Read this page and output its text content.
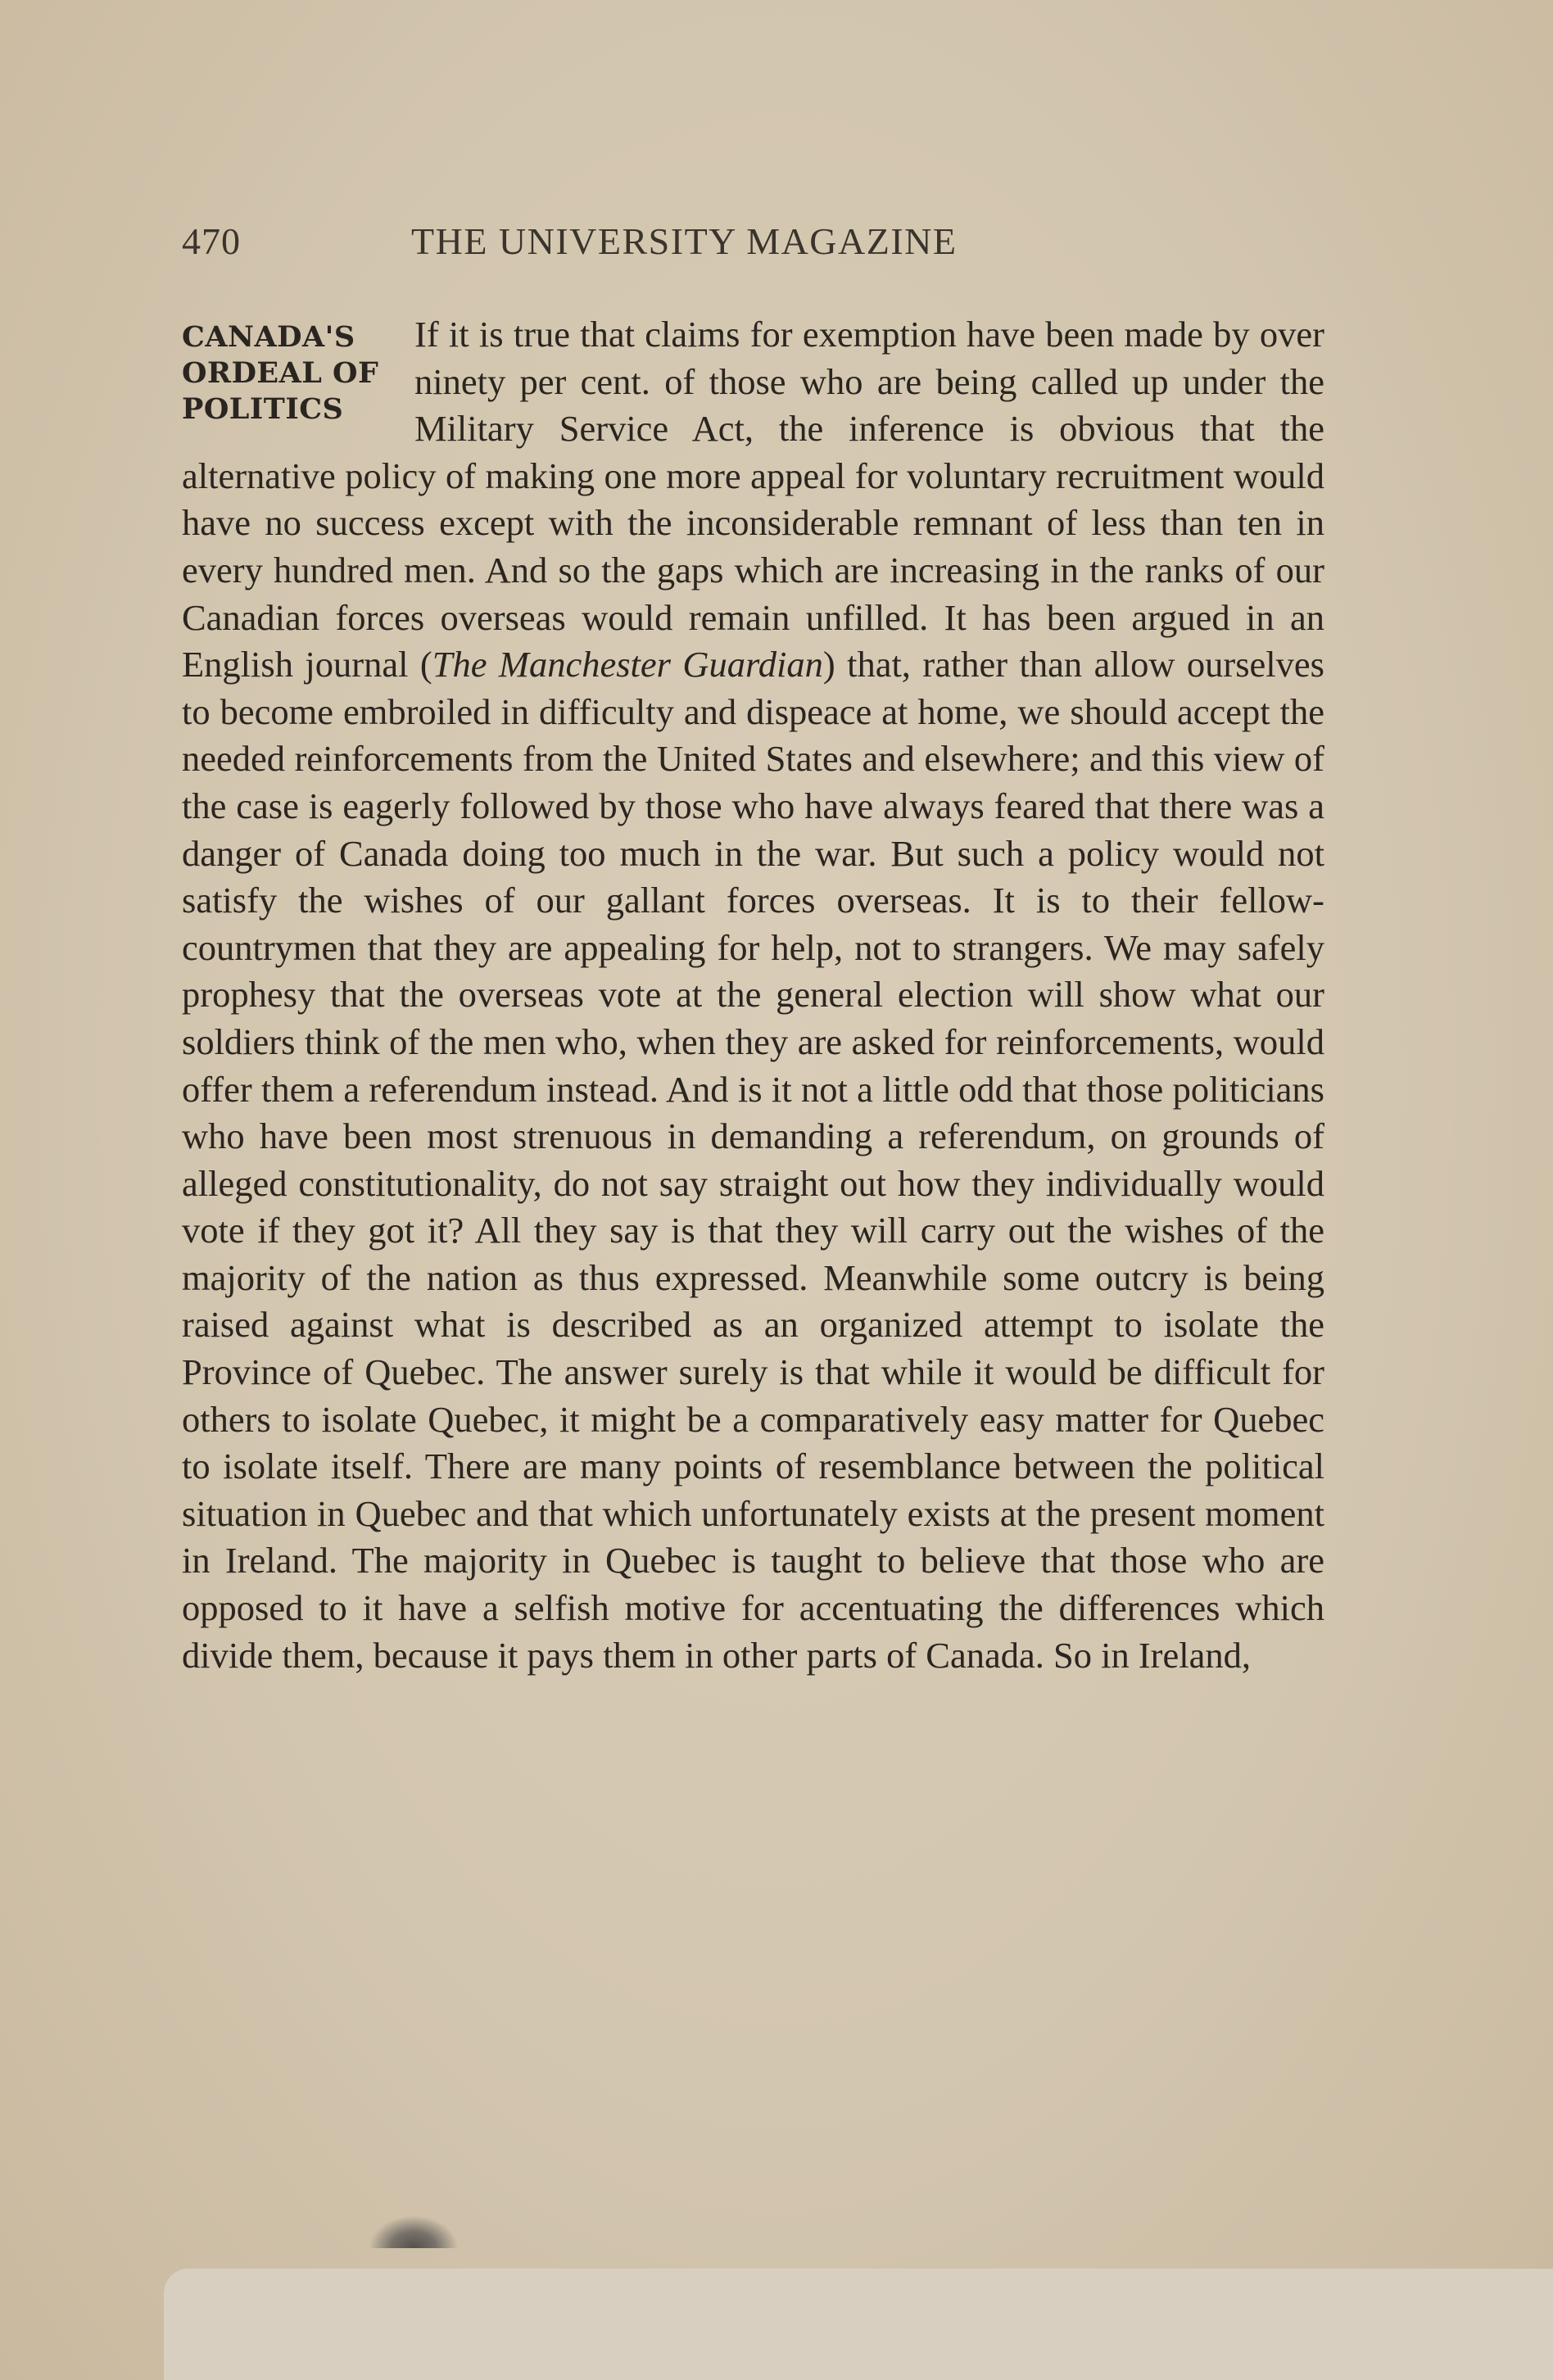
470	THE UNIVERSITY MAGAZINE
CANADA'S
ORDEAL OF
POLITICS
If it is true that claims for exemption have been made by over ninety per cent. of those who are being called up under the Military Service Act, the inference is obvious that the alternative policy of making one more appeal for voluntary recruitment would have no success except with the inconsiderable remnant of less than ten in every hundred men. And so the gaps which are increasing in the ranks of our Canadian forces overseas would remain unfilled. It has been argued in an English journal (The Manchester Guardian) that, rather than allow ourselves to become embroiled in difficulty and dispeace at home, we should accept the needed reinforcements from the United States and elsewhere; and this view of the case is eagerly followed by those who have always feared that there was a danger of Canada doing too much in the war. But such a policy would not satisfy the wishes of our gallant forces overseas. It is to their fellow-countrymen that they are appealing for help, not to strangers. We may safely prophesy that the overseas vote at the general election will show what our soldiers think of the men who, when they are asked for reinforcements, would offer them a referendum instead. And is it not a little odd that those politicians who have been most strenuous in demanding a referendum, on grounds of alleged constitutionality, do not say straight out how they individually would vote if they got it? All they say is that they will carry out the wishes of the majority of the nation as thus expressed. Meanwhile some outcry is being raised against what is described as an organized attempt to isolate the Province of Quebec. The answer surely is that while it would be difficult for others to isolate Quebec, it might be a comparatively easy matter for Quebec to isolate itself. There are many points of resemblance between the political situation in Quebec and that which unfortunately exists at the present moment in Ireland. The majority in Quebec is taught to believe that those who are opposed to it have a selfish motive for accentuating the differences which divide them, because it pays them in other parts of Canada. So in Ireland,
